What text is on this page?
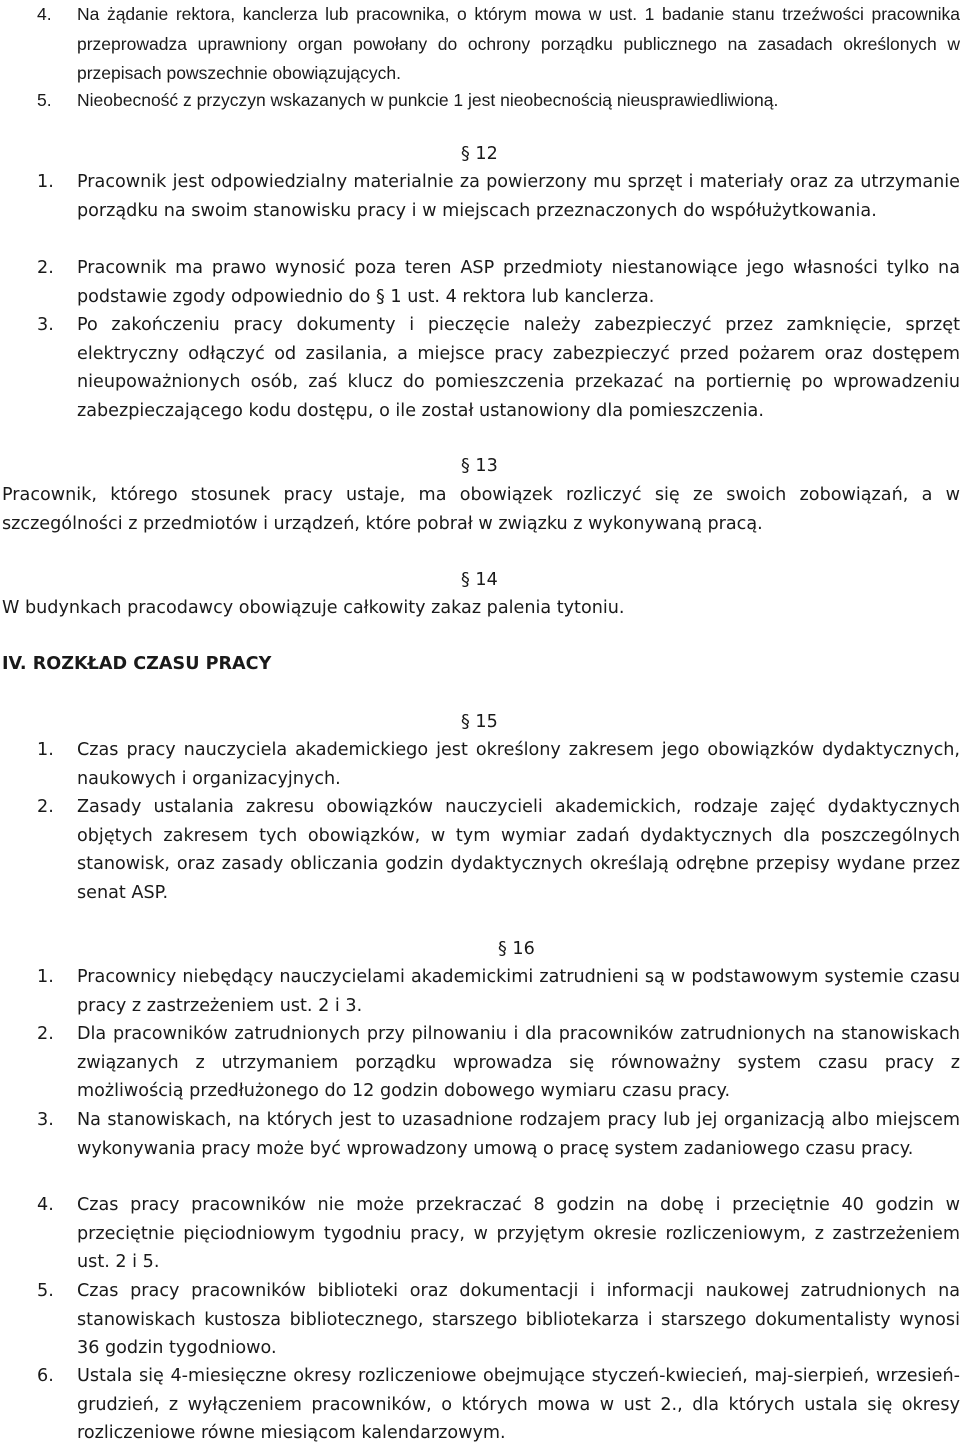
4. Na żądanie rektora, kanclerza lub pracownika, o którym mowa w ust. 1 badanie stanu trzeźwości pracownika przeprowadza uprawniony organ powołany do ochrony porządku publicznego na zasadach określonych w przepisach powszechnie obowiązujących.
5. Nieobecność z przyczyn wskazanych w punkcie 1 jest nieobecnością nieusprawiedliwioną.
§ 12
1. Pracownik jest odpowiedzialny materialnie za powierzony mu sprzęt i materiały oraz za utrzymanie porządku na swoim stanowisku pracy i w miejscach przeznaczonych do współużytkowania.
2. Pracownik ma prawo wynosić poza teren ASP przedmioty niestanowiące jego własności tylko na podstawie zgody odpowiednio do § 1 ust. 4 rektora lub kanclerza.
3. Po zakończeniu pracy dokumenty i pieczęcie należy zabezpieczyć przez zamknięcie, sprzęt elektryczny odłączyć od zasilania, a miejsce pracy zabezpieczyć przed pożarem oraz dostępem nieupoważnionych osób, zaś klucz do pomieszczenia przekazać na portiernię po wprowadzeniu zabezpieczającego kodu dostępu, o ile został ustanowiony dla pomieszczenia.
§ 13
Pracownik, którego stosunek pracy ustaje, ma obowiązek rozliczyć się ze swoich zobowiązań, a w szczególności z przedmiotów i urządzeń, które pobrał w związku z wykonywaną pracą.
§ 14
W budynkach pracodawcy obowiązuje całkowity zakaz palenia tytoniu.
IV. ROZKŁAD CZASU PRACY
§ 15
1. Czas pracy nauczyciela akademickiego jest określony zakresem jego obowiązków dydaktycznych, naukowych i organizacyjnych.
2. Zasady ustalania zakresu obowiązków nauczycieli akademickich, rodzaje zajęć dydaktycznych objętych zakresem tych obowiązków, w tym wymiar zadań dydaktycznych dla poszczególnych stanowisk, oraz zasady obliczania godzin dydaktycznych określają odrębne przepisy wydane przez senat ASP.
§ 16
1. Pracownicy niebędący nauczycielami akademickimi zatrudnieni są w podstawowym systemie czasu pracy z zastrzeżeniem ust. 2 i 3.
2. Dla pracowników zatrudnionych przy pilnowaniu i dla pracowników zatrudnionych na stanowiskach związanych z utrzymaniem porządku wprowadza się równoważny system czasu pracy z możliwością przedłużonego do 12 godzin dobowego wymiaru czasu pracy.
3. Na stanowiskach, na których jest to uzasadnione rodzajem pracy lub jej organizacją albo miejscem wykonywania pracy może być wprowadzony umową o pracę system zadaniowego czasu pracy.
4. Czas pracy pracowników nie może przekraczać 8 godzin na dobę i przeciętnie 40 godzin w przeciętnie pięciodniowym tygodniu pracy, w przyjętym okresie rozliczeniowym, z zastrzeżeniem ust. 2 i 5.
5. Czas pracy pracowników biblioteki oraz dokumentacji i informacji naukowej zatrudnionych na stanowiskach kustosza bibliotecznego, starszego bibliotekarza i starszego dokumentalisty wynosi 36 godzin tygodniowo.
6. Ustala się 4-miesięczne okresy rozliczeniowe obejmujące styczeń-kwiecień, maj-sierpień, wrzesień-grudzień, z wyłączeniem pracowników, o których mowa w ust 2., dla których ustala się okresy rozliczeniowe równe miesiącom kalendarzowym.
